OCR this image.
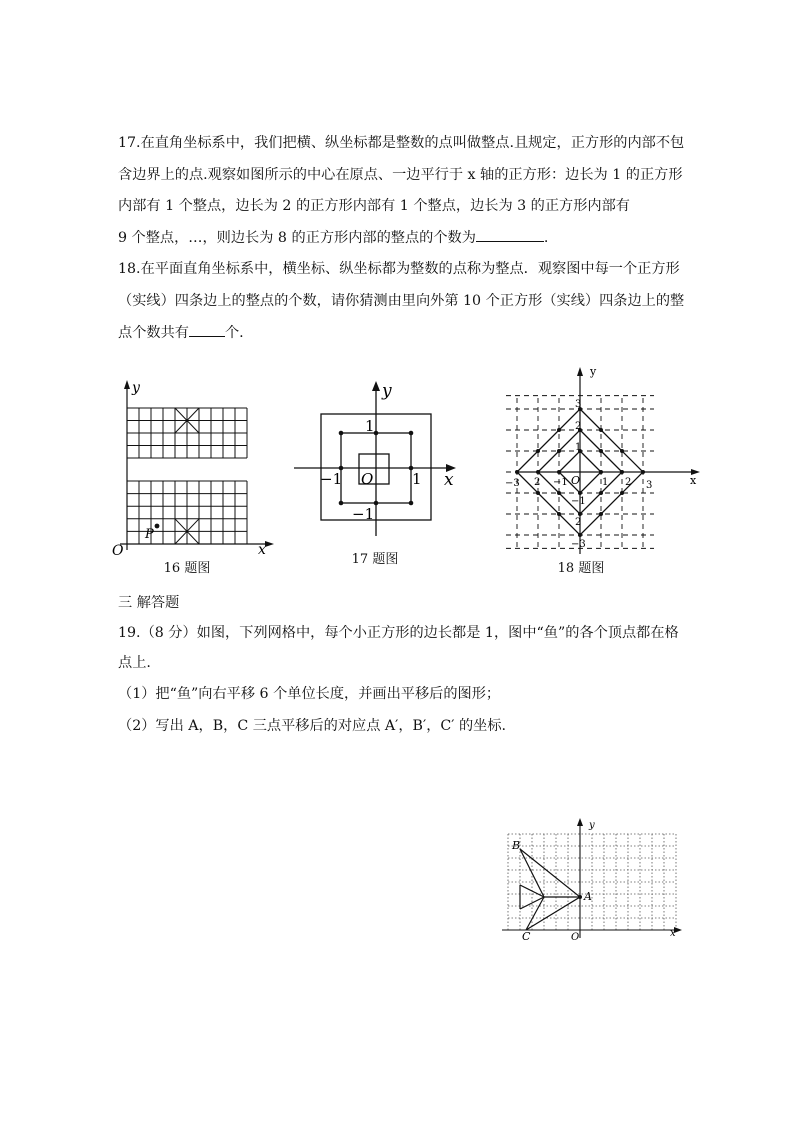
17.在直角坐标系中，我们把横、纵坐标都是整数的点叫做整点.且规定，正方形的内部不包

含边界上的点.观察如图所示的中心在原点、一边平行于 x 轴的正方形：边长为 1 的正方形

内部有 1 个整点，边长为 2 的正方形内部有 1 个整点，边长为 3 的正方形内部有

9 个整点，…，则边长为 8 的正方形内部的整点的个数为	.

18.在平面直角坐标系中，横坐标、纵坐标都为整数的点称为整点．观察图中每一个正方形

（实线）四条边上的整点的个数，请你猜测由里向外第 10 个正方形（实线）四条边上的整

点个数共有	个.

y
x
O
P
16 题图
y
x
O
1
−1
1
−1
17 题图
y
x
O
−3 2 −1	1 2 3
3
2
1
−1
2
−3
18 题图

三 解答题

19.（8 分）如图，下列网格中，每个小正方形的边长都是 1，图中“鱼”的各个顶点都在格

点上.

（1）把“鱼”向右平移 6 个单位长度，并画出平移后的图形；

（2）写出 A，B，C 三点平移后的对应点 A′，B′，C′ 的坐标.

y
x
O
A
B
C
